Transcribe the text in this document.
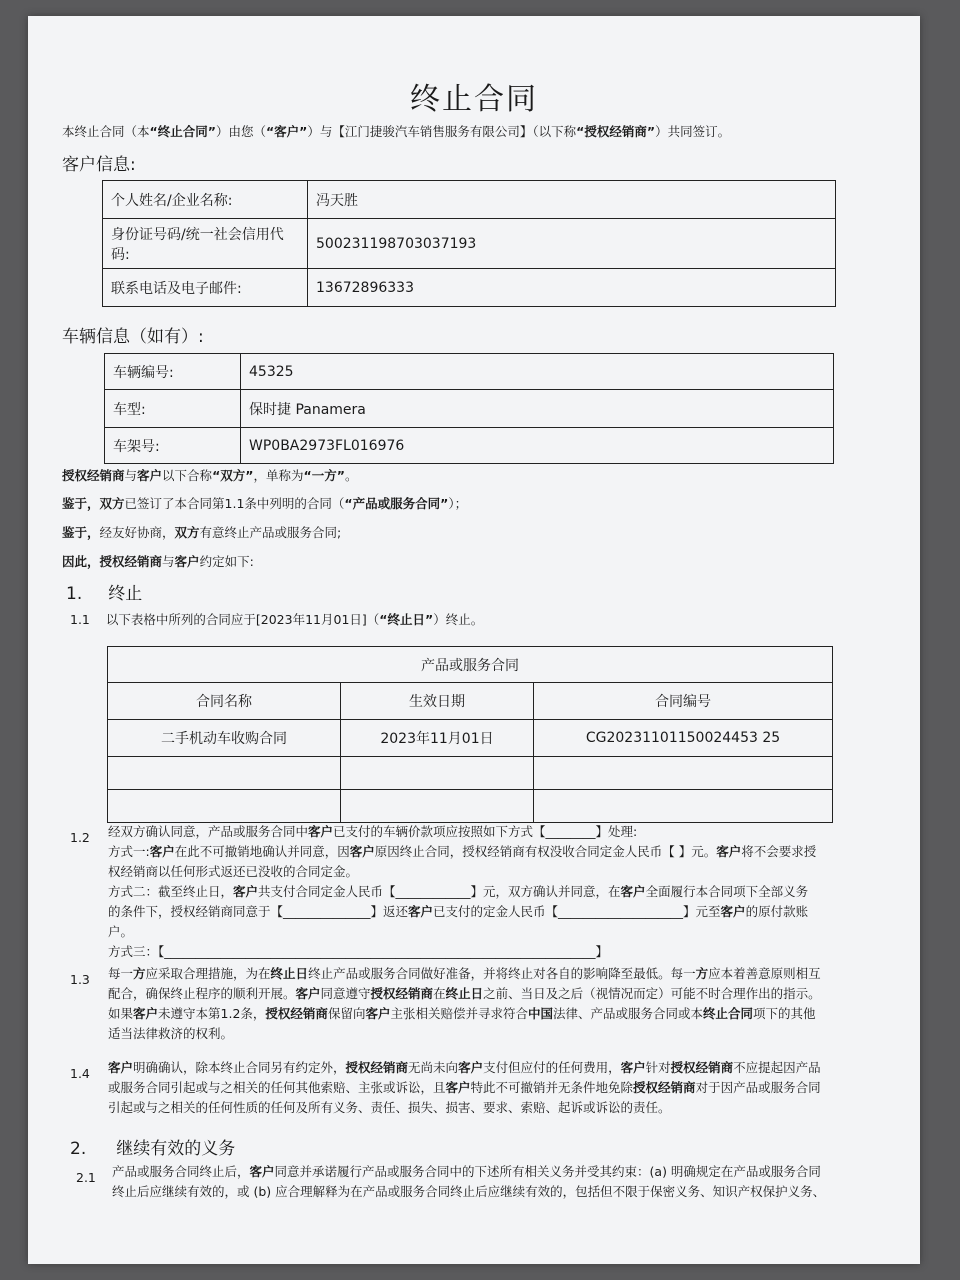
终止合同
本终止合同（本“终止合同”）由您（“客户”）与【江门捷骏汽车销售服务有限公司】（以下称“授权经销商”）共同签订。
客户信息:
个人姓名/企业名称:	冯天胜
身份证号码/统一社会信用代码:	500231198703037193
联系电话及电子邮件:	13672896333
车辆信息（如有）:
车辆编号:	45325
车型:	保时捷 Panamera
车架号:	WP0BA2973FL016976
授权经销商与客户以下合称“双方”，单称为“一方”。
鉴于，双方已签订了本合同第1.1条中列明的合同（“产品或服务合同”）；
鉴于，经友好协商，双方有意终止产品或服务合同;
因此，授权经销商与客户约定如下:
1. 终止
1.1 以下表格中所列的合同应于[2023年11月01日]（“终止日”）终止。
产品或服务合同		
合同名称	生效日期	合同编号
二手机动车收购合同	2023年11月01日	CG20231101150024453 25

1.2 经双方确认同意，产品或服务合同中客户已支付的车辆价款项应按照如下方式【________】处理:
方式一:客户在此不可撤销地确认并同意，因客户原因终止合同，授权经销商有权没收合同定金人民币【 】元。客户将不会要求授
权经销商以任何形式返还已没收的合同定金。
方式二：截至终止日，客户共支付合同定金人民币【____________】元，双方确认并同意，在客户全面履行本合同项下全部义务
的条件下，授权经销商同意于【______________】返还客户已支付的定金人民币【____________________】元至客户的原付款账
户。
方式三：【_____________________________________________________________________】
1.3 每一方应采取合理措施，为在终止日终止产品或服务合同做好准备，并将终止对各自的影响降至最低。每一方应本着善意原则相互
配合，确保终止程序的顺利开展。客户同意遵守授权经销商在终止日之前、当日及之后（视情况而定）可能不时合理作出的指示。
如果客户未遵守本第1.2条，授权经销商保留向客户主张相关赔偿并寻求符合中国法律、产品或服务合同或本终止合同项下的其他
适当法律救济的权利。
1.4 客户明确确认，除本终止合同另有约定外，授权经销商无尚未向客户支付但应付的任何费用，客户针对授权经销商不应提起因产品
或服务合同引起或与之相关的任何其他索赔、主张或诉讼，且客户特此不可撤销并无条件地免除授权经销商对于因产品或服务合同
引起或与之相关的任何性质的任何及所有义务、责任、损失、损害、要求、索赔、起诉或诉讼的责任。
2. 继续有效的义务
2.1 产品或服务合同终止后，客户同意并承诺履行产品或服务合同中的下述所有相关义务并受其约束：(a) 明确规定在产品或服务合同
终止后应继续有效的，或 (b) 应合理解释为在产品或服务合同终止后应继续有效的，包括但不限于保密义务、知识产权保护义务、
